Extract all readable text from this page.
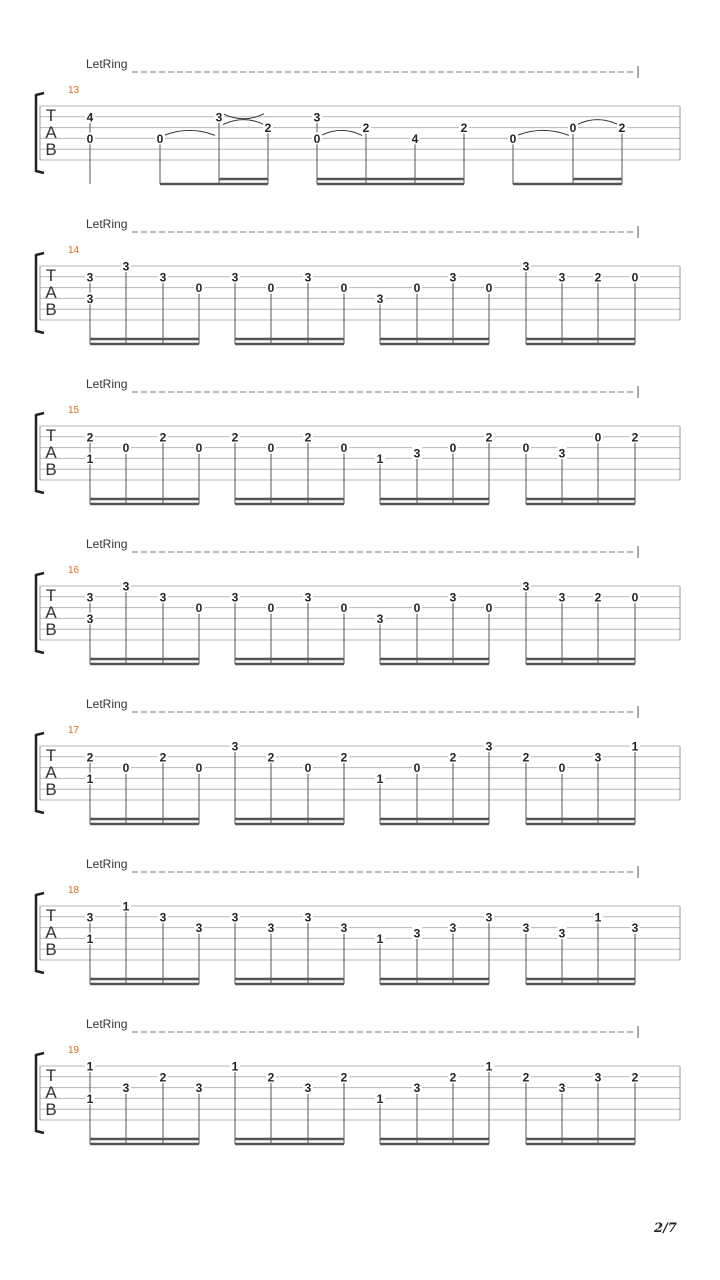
LetRing
13
T
A
B
4
0	0
3
2
3
0
2
4
2
0
0	2
LetRing
14
T
A
B
3
3
3
3
0
3
0
3
0
3
0
3
0
3
3 2	0
LetRing
15
T
A
B
2
1
0
2
0
2
0
2
0
1	3 0
2
0 3
0	2
LetRing
16
T
A
B
3
3
3
3
0
3
0
3
0
3
0
3
0
3
3 2	0
LetRing
17
T
A
B
2
1
0
2
0
3
2
0
2
1
0
2
3
2
0
3
1
LetRing
18
T
A
B
3
1
1
3
3
3
3
3
3
1	3 3
3
3 3
1
3
LetRing
19
T
A
B
1
1
3
2
3
1
2
3
2
1
3
2
1
2
3
3	2
2/7
